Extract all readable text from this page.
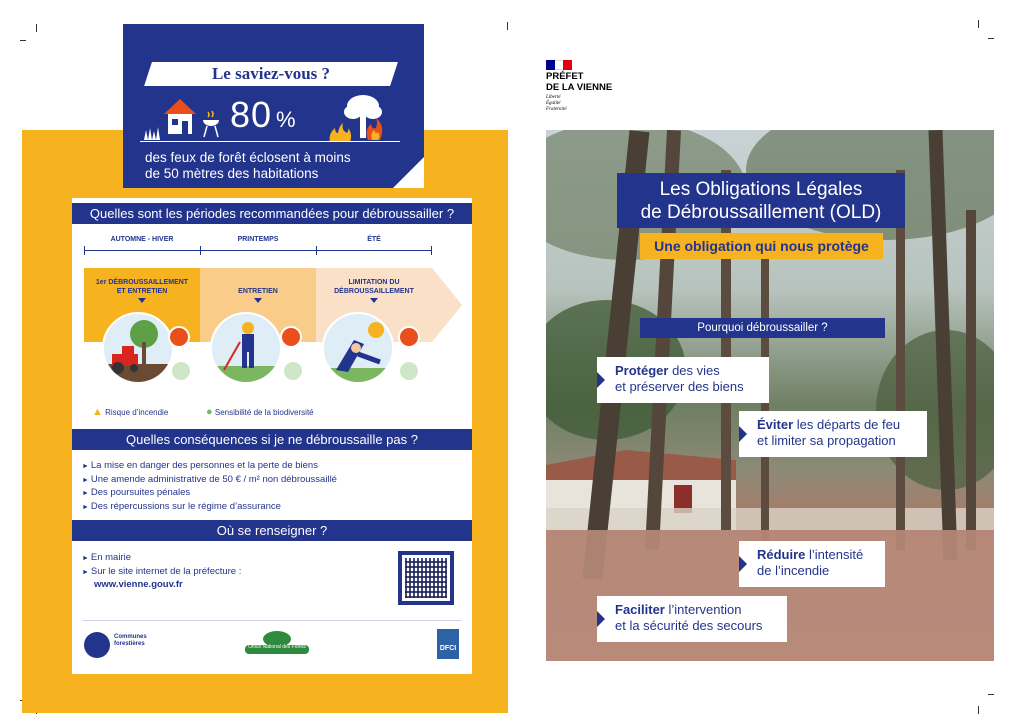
Le saviez-vous ?
80 %
des feux de forêt éclosent à moins
de 50 mètres des habitations
Quelles sont les périodes recommandées pour débroussailler ?
AUTOMNE - HIVER	PRINTEMPS	ÉTÉ
1er DÉBROUSSAILLEMENT
ET ENTRETIEN	ENTRETIEN
LIMITATION DU
DÉBROUSSAILLEMENT
▲ Risque d’incendie	● Sensibilité de la biodiversité
Quelles conséquences si je ne débroussaille pas ?
► La mise en danger des personnes et la perte de biens
► Une amende administrative de 50 € / m² non débroussaillé
► Des poursuites pénales
► Des répercussions sur le régime d’assurance
Où se renseigner ?
► En mairie
► Sur le site internet de la préfecture :
www.vienne.gouv.fr
Communes forestières	Office National des Forêts	DFCI
PRÉFET
DE LA VIENNE
Liberté
Égalité
Fraternité
Les Obligations Légales
de Débroussaillement (OLD)
Une obligation qui nous protège
Pourquoi débroussailler ?
Protéger des vies
et préserver des biens
Éviter les départs de feu
et limiter sa propagation
Réduire l’intensité
de l’incendie
Faciliter l’intervention
et la sécurité des secours
